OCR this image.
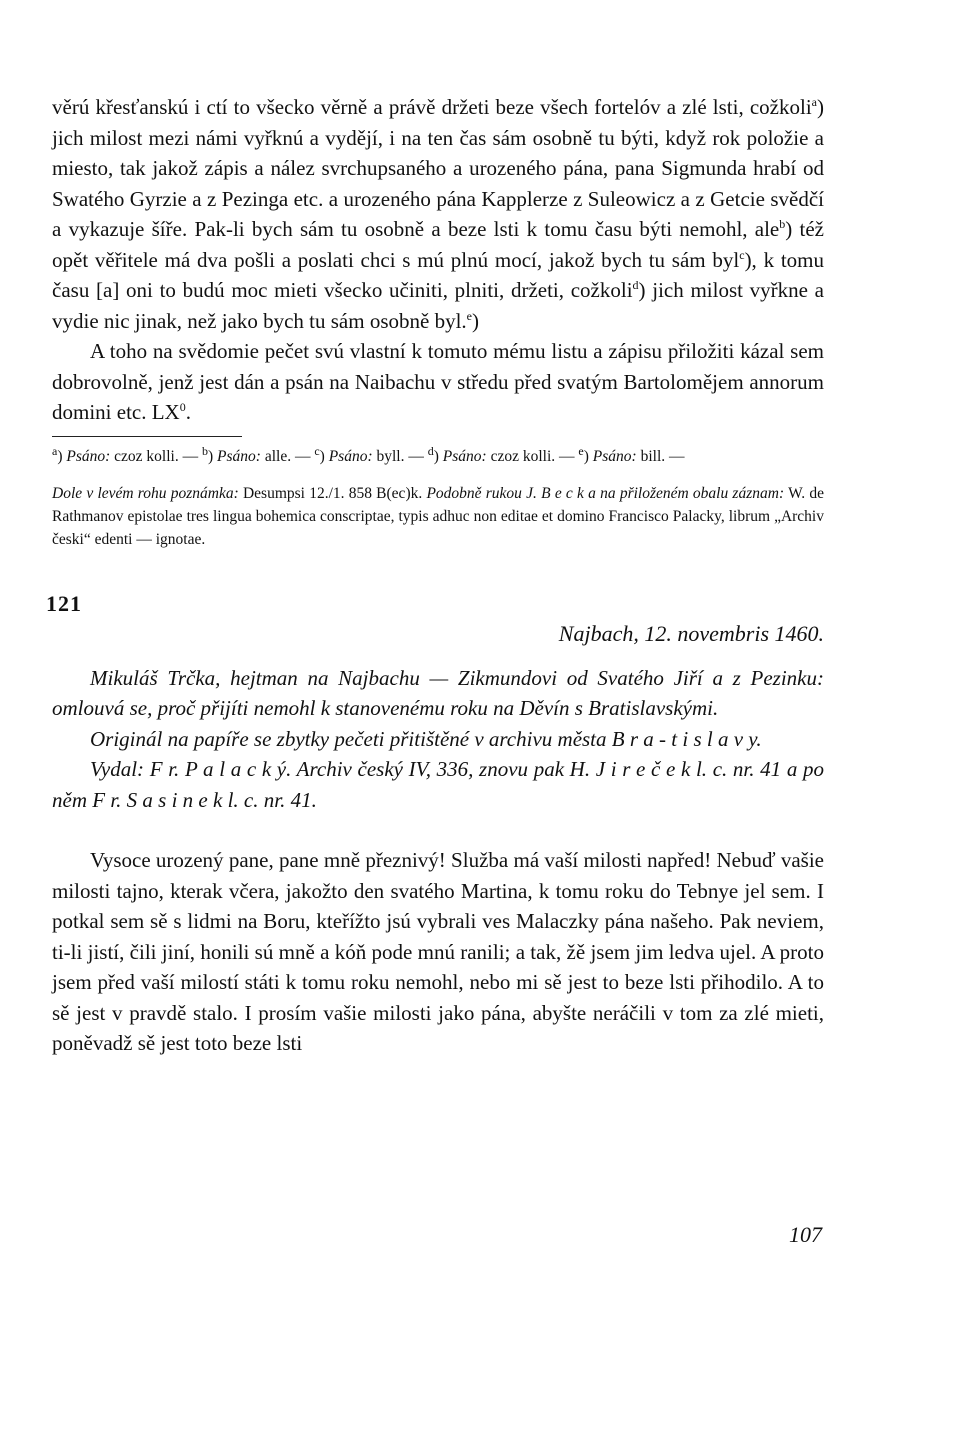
věrú křesťanskú i ctí to všecko věrně a právě držeti beze všech fortelóv a zlé lsti, cožkoli$^a$) jich milost mezi námi vyřknú a vydějí, i na ten čas sám osobně tu býti, když rok položie a miesto, tak jakož zápis a nález svrchupsaného a urozeného pána, pana Sigmunda hrabí od Swatého Gyrzie a z Pezinga etc. a urozeného pána Kapplerze z Suleowicz a z Getcie svědčí a vykazuje šíře. Pak-li bych sám tu osobně a beze lsti k tomu času býti nemohl, ale$^b$) též opět věřitele má dva pošli a poslati chci s mú plnú mocí, jakož bych tu sám byl$^c$), k tomu času [a] oni to budú moc mieti všecko učiniti, plniti, držeti, cožkoli$^d$) jich milost vyřkne a vydie nic jinak, než jako bych tu sám osobně byl.$^e$)

A toho na svědomie pečet svú vlastní k tomuto mému listu a zápisu přiložiti kázal sem dobrovolně, jenž jest dán a psán na Naibachu v středu před svatým Bartolomějem annorum domini etc. $LX^0$.

$^a$) Psáno: czoz kolli. — $^b$) Psáno: alle. — $^c$) Psáno: byll. — $^d$) Psáno: czoz kolli. — $^e$) Psáno: bill. —

Dole v levém rohu poznámka: Desumpsi 12./1. 858 B(ec)k. Podobně rukou J. B e c k a na přiloženém obalu záznam: W. de Rathmanov epistolae tres lingua bohemica conscriptae, typis adhuc non editae et domino Francisco Palacky, librum „Archiv česki“ edenti — ignotae.

121
Najbach, 12. novembris 1460.

Mikuláš Trčka, hejtman na Najbachu — Zikmundovi od Svatého Jiří a z Pezinku: omlouvá se, proč přijíti nemohl k stanovenému roku na Děvín s Bratislavskými.

Originál na papíře se zbytky pečeti přitištěné v archivu města B r a - t i s l a v y.

Vydal: F r. P a l a c k ý. Archiv český IV, 336, znovu pak H. J i r e č e k l. c. nr. 41 a po něm F r. S a s i n e k l. c. nr. 41.

Vysoce urozený pane, pane mně přeznivý! Služba má vaší milosti napřed! Nebuď vašie milosti tajno, kterak včera, jakožto den svatého Martina, k tomu roku do Tebnye jel sem. I potkal sem sě s lidmi na Boru, kteřížto jsú vybrali ves Malaczky pána našeho. Pak neviem, ti-li jistí, čili jiní, honili sú mně a kóň pode mnú ranili; a tak, žě jsem jim ledva ujel. A proto jsem před vaší milostí státi k tomu roku nemohl, nebo mi sě jest to beze lsti přihodilo. A to sě jest v pravdě stalo. I prosím vašie milosti jako pána, abyšte neráčili v tom za zlé mieti, poněvadž sě jest toto beze lsti

107
